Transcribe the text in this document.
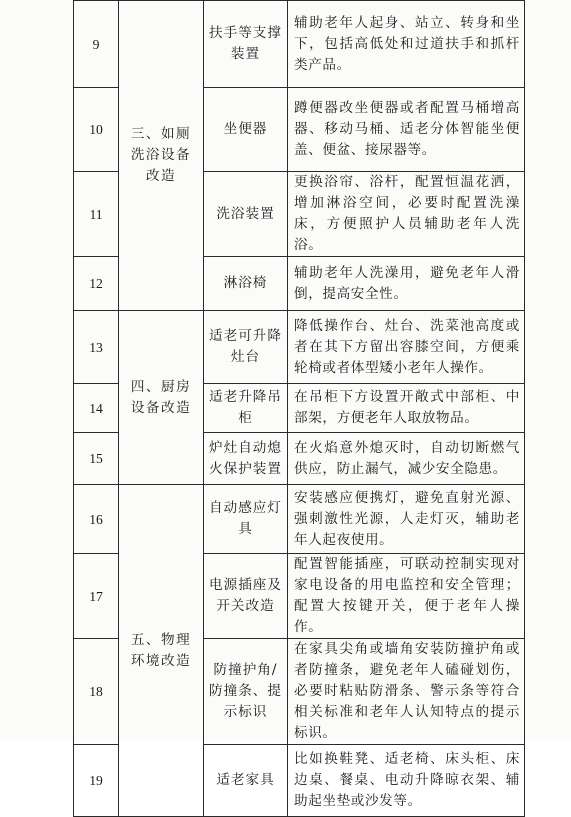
9	三、如厕洗浴设备改造	扶手等支撑装置	辅助老年人起身、站立、转身和坐下，包括高低处和过道扶手和抓杆类产品。
10		坐便器	蹲便器改坐便器或者配置马桶增高器、移动马桶、适老分体智能坐便盖、便盆、接尿器等。
11		洗浴装置	更换浴帘、浴杆，配置恒温花洒，增加淋浴空间，必要时配置洗澡床，方便照护人员辅助老年人洗浴。
12		淋浴椅	辅助老年人洗澡用，避免老年人滑倒，提高安全性。
13	四、厨房设备改造	适老可升降灶台	降低操作台、灶台、洗菜池高度或者在其下方留出容膝空间，方便乘轮椅或者体型矮小老年人操作。
14		适老升降吊柜	在吊柜下方设置开敞式中部柜、中部架，方便老年人取放物品。
15		炉灶自动熄火保护装置	在火焰意外熄灭时，自动切断燃气供应，防止漏气，减少安全隐患。
16	五、物理环境改造	自动感应灯具	安装感应便携灯，避免直射光源、强刺激性光源，人走灯灭，辅助老年人起夜使用。
17		电源插座及开关改造	配置智能插座，可联动控制实现对家电设备的用电监控和安全管理；配置大按键开关，便于老年人操作。
18		防撞护角/防撞条、提示标识	在家具尖角或墙角安装防撞护角或者防撞条，避免老年人磕碰划伤，必要时粘贴防滑条、警示条等符合相关标准和老年人认知特点的提示标识。
19		适老家具	比如换鞋凳、适老椅、床头柜、床边桌、餐桌、电动升降晾衣架、辅助起坐垫或沙发等。
